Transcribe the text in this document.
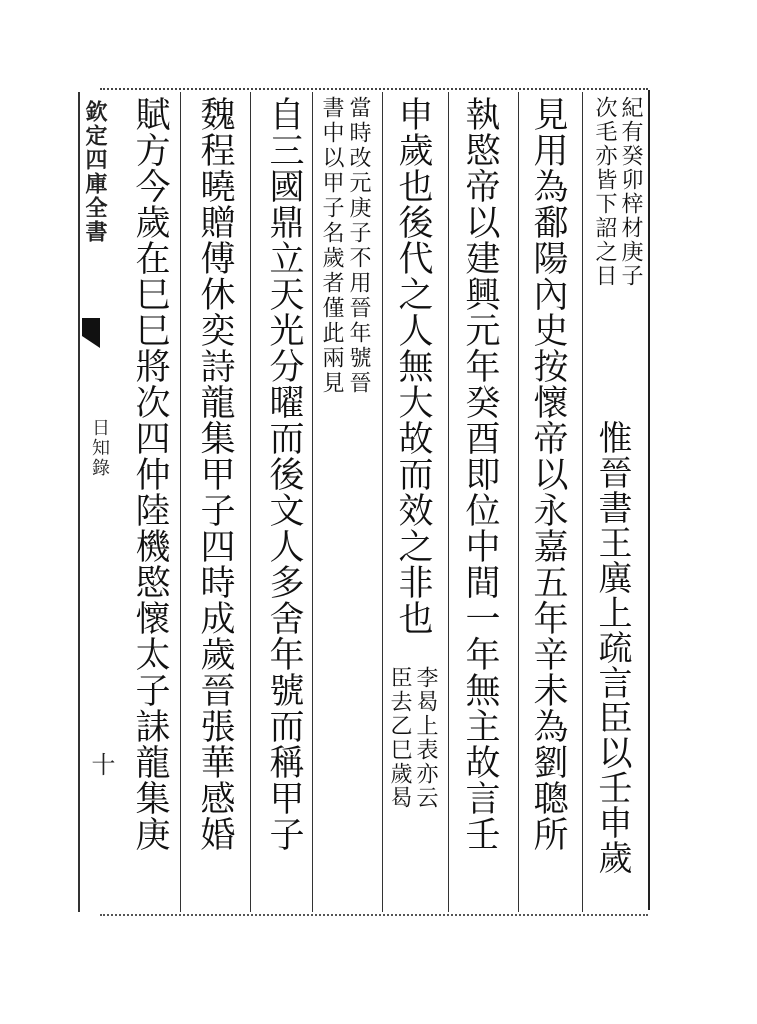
欽定四庫全書
日知錄
十
紀有癸卯梓材庚子
次毛亦皆下詔之日
惟晉書王廙上疏言臣以壬申歲
見用為鄱陽內史按懷帝以永嘉五年辛未為劉聰所
執愍帝以建興元年癸酉即位中間一年無主故言壬
申歲也後代之人無大故而效之非也
李曷上表亦云
臣去乙巳歲曷
當時改元庚子不用晉年號晉
書中以甲子名歲者僅此兩見
自三國鼎立天光分曜而後文人多舍年號而稱甲子
魏程曉贈傅休奕詩龍集甲子四時成歲晉張華感婚
賦方今歲在巳巳將次四仲陸機愍懷太子誄龍集庚
